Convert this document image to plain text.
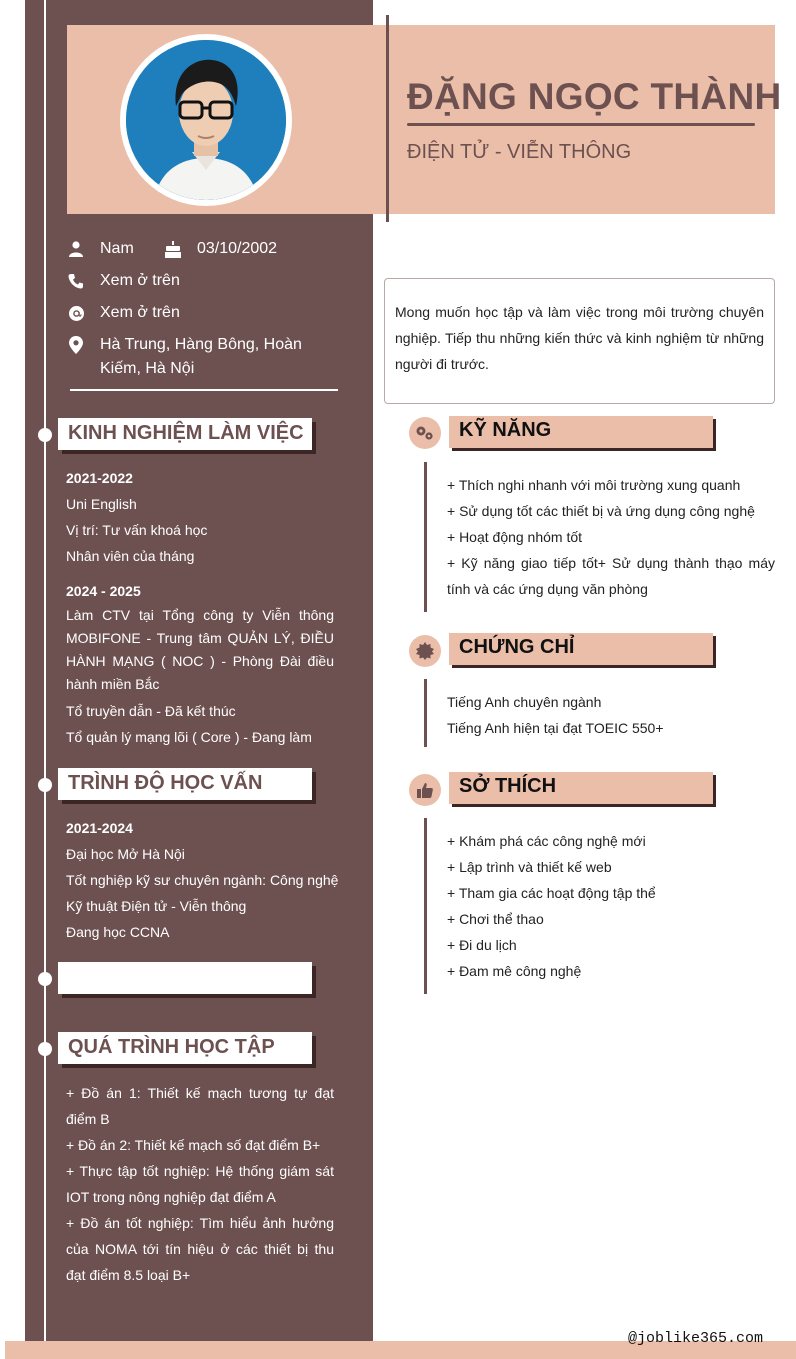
ĐẶNG NGỌC THÀNH
ĐIỆN TỬ - VIỄN THÔNG
Nam	03/10/2002
Xem ở trên
Xem ở trên
Hà Trung, Hàng Bông, Hoàn
Kiếm, Hà Nội
KINH NGHIỆM LÀM VIỆC
2021-2022
Uni English
Vị trí: Tư vấn khoá học
Nhân viên của tháng
2024 - 2025
Làm CTV tại Tổng công ty Viễn thông MOBIFONE - Trung tâm QUẢN LÝ, ĐIỀU HÀNH MẠNG ( NOC ) - Phòng Đài điều hành miền Bắc
Tổ truyền dẫn - Đã kết thúc
Tổ quản lý mạng lõi ( Core ) - Đang làm
TRÌNH ĐỘ HỌC VẤN
2021-2024
Đại học Mở Hà Nội
Tốt nghiệp kỹ sư chuyên ngành: Công nghệ
Kỹ thuật Điện tử - Viễn thông
Đang học CCNA
QUÁ TRÌNH HỌC TẬP
+ Đồ án 1: Thiết kế mạch tương tự đạt điểm B
+ Đồ án 2: Thiết kế mạch số đạt điểm B+
+ Thực tập tốt nghiệp: Hệ thống giám sát IOT trong nông nghiệp đạt điểm A
+ Đồ án tốt nghiệp: Tìm hiểu ảnh hưởng của NOMA tới tín hiệu ở các thiết bị thu đạt điểm 8.5 loại B+
Mong muốn học tập và làm việc trong môi trường chuyên nghiệp. Tiếp thu những kiến thức và kinh nghiệm từ những người đi trước.
KỸ NĂNG
+ Thích nghi nhanh với môi trường xung quanh
+ Sử dụng tốt các thiết bị và ứng dụng công nghệ
+ Hoạt động nhóm tốt
+ Kỹ năng giao tiếp tốt+ Sử dụng thành thạo máy tính và các ứng dụng văn phòng
CHỨNG CHỈ
Tiếng Anh chuyên ngành
Tiếng Anh hiện tại đạt TOEIC 550+
SỞ THÍCH
+ Khám phá các công nghệ mới
+ Lập trình và thiết kế web
+ Tham gia các hoạt động tập thể
+ Chơi thể thao
+ Đi du lịch
+ Đam mê công nghệ
@joblike365.com
